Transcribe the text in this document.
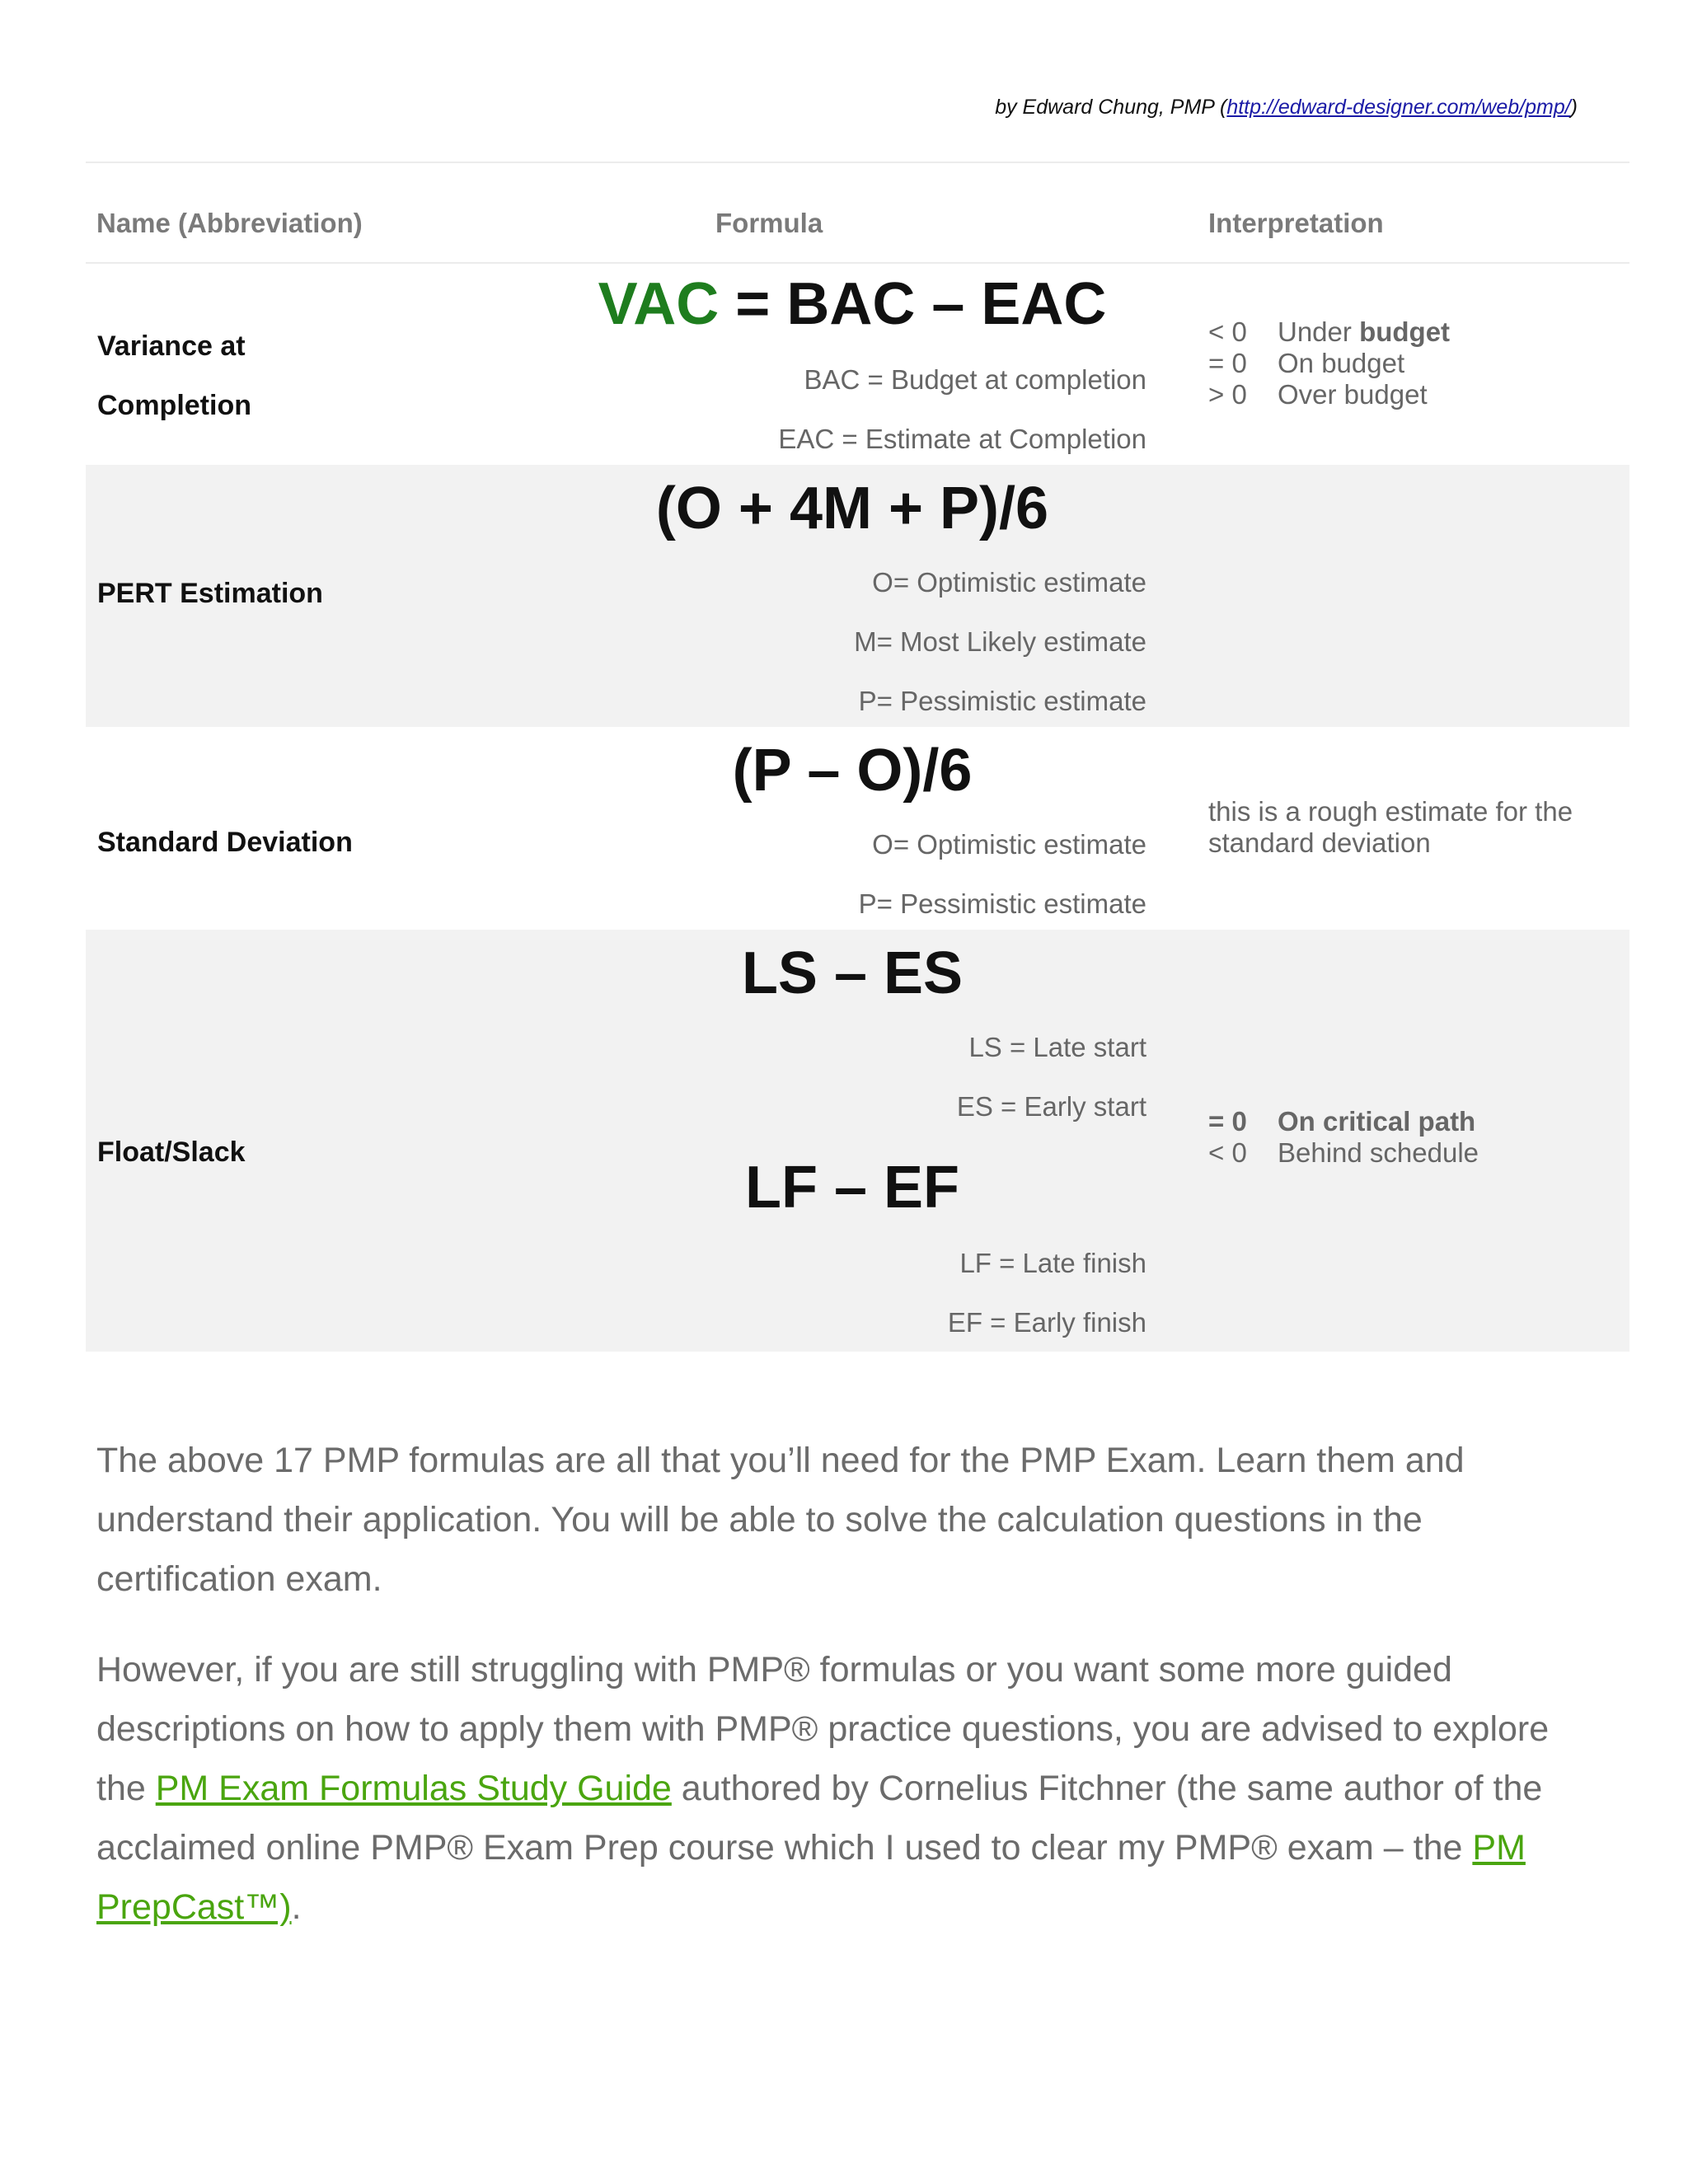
by Edward Chung, PMP (http://edward-designer.com/web/pmp/)
Name (Abbreviation)	Formula	Interpretation
Variance at
Completion
VAC = BAC – EAC
BAC = Budget at completion
EAC = Estimate at Completion
< 0 Under budget
= 0 On budget
> 0 Over budget
PERT Estimation
(O + 4M + P)/6
O= Optimistic estimate
M= Most Likely estimate
P= Pessimistic estimate
Standard Deviation
(P – O)/6
O= Optimistic estimate
P= Pessimistic estimate
this is a rough estimate for the
standard deviation
Float/Slack
LS – ES
LS = Late start
ES = Early start
LF – EF
LF = Late finish
EF = Early finish
= 0 On critical path
< 0 Behind schedule
The above 17 PMP formulas are all that you’ll need for the PMP Exam. Learn them and understand their application. You will be able to solve the calculation questions in the certification exam.
However, if you are still struggling with PMP® formulas or you want some more guided descriptions on how to apply them with PMP® practice questions, you are advised to explore the PM Exam Formulas Study Guide authored by Cornelius Fitchner (the same author of the acclaimed online PMP® Exam Prep course which I used to clear my PMP® exam – the PM PrepCast™).
